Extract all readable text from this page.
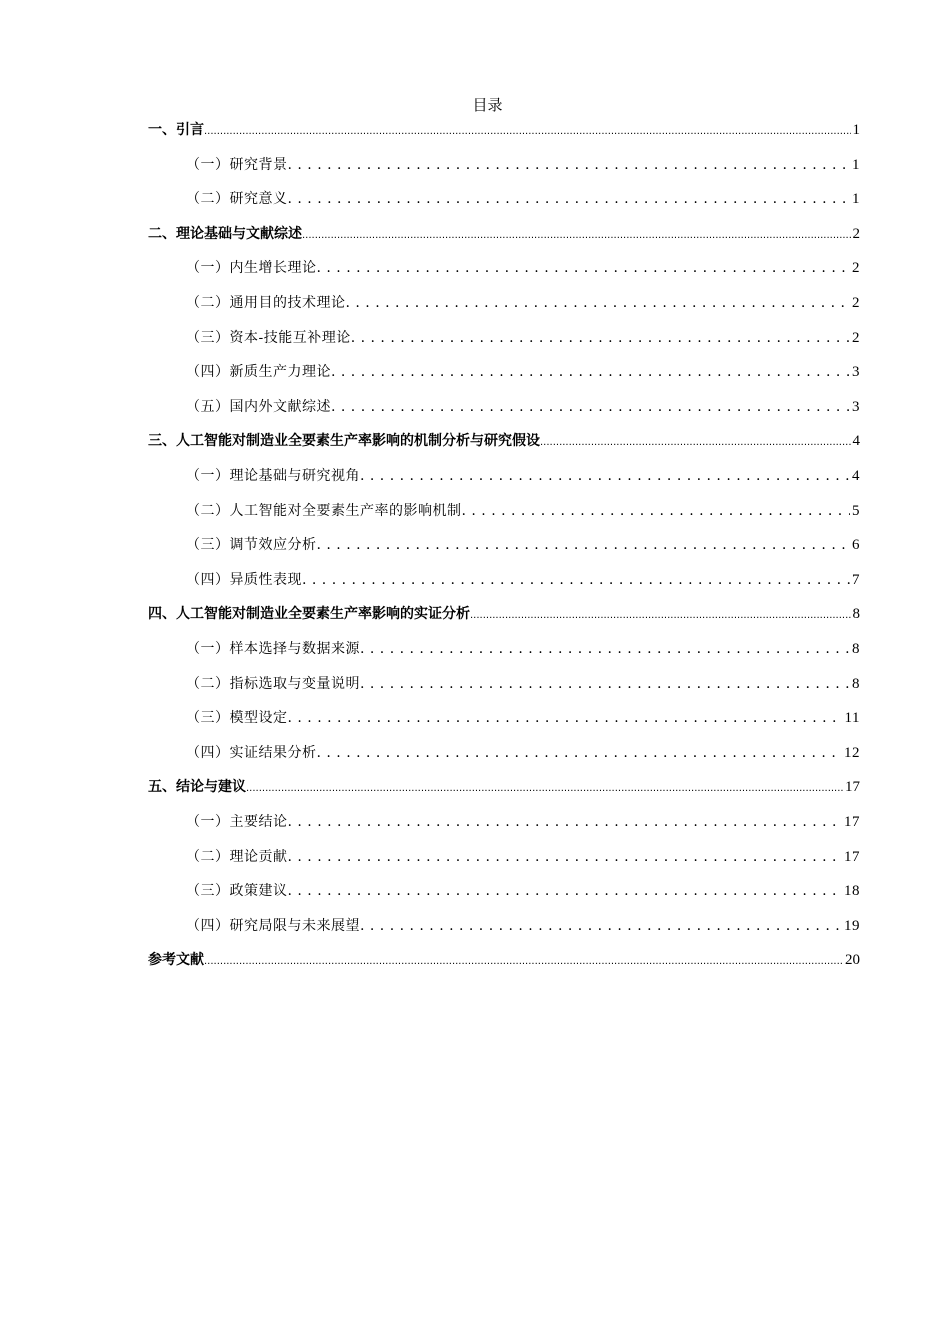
目录
一、引言 .....	1
（一）研究背景 . . .	1
（二）研究意义 . . .	1
二、理论基础与文献综述 .....	2
（一）内生增长理论 . . .	2
（二）通用目的技术理论 . . .	2
（三）资本-技能互补理论 . . .	2
（四）新质生产力理论 . . .	3
（五）国内外文献综述 . . .	3
三、人工智能对制造业全要素生产率影响的机制分析与研究假设 .....	4
（一）理论基础与研究视角 . . .	4
（二）人工智能对全要素生产率的影响机制 . . .	5
（三）调节效应分析 . . .	6
（四）异质性表现 . . .	7
四、人工智能对制造业全要素生产率影响的实证分析 .....	8
（一）样本选择与数据来源 . . .	8
（二）指标选取与变量说明 . . .	8
（三）模型设定 . . .	11
（四）实证结果分析 . . .	12
五、结论与建议 .....	17
（一）主要结论 . . .	17
（二）理论贡献 . . .	17
（三）政策建议 . . .	18
（四）研究局限与未来展望 . . .	19
参考文献 .....	20
